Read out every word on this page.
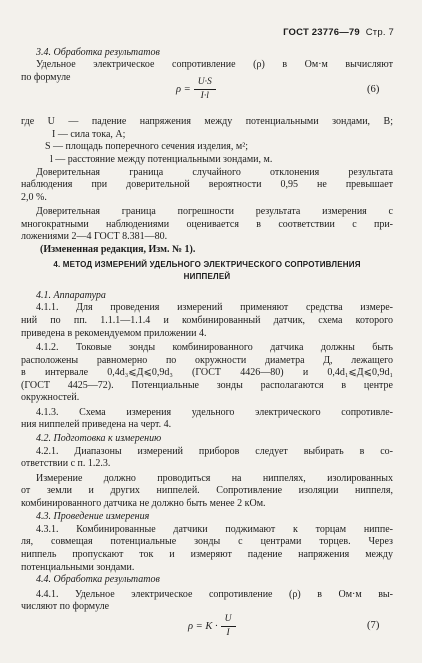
ГОСТ 23776—79 Стр. 7
3.4. Обработка результатов
Удельное электрическое сопротивление (ρ) в Ом·м вычисляют
по формуле
$\rho = \frac{U\cdot S}{I\cdot l}$	(6)
где U — падение напряжения между потенциальными зондами, В;
I — сила тока, А;
S — площадь поперечного сечения изделия, м²;
l — расстояние между потенциальными зондами, м.
Доверительная граница случайного отклонения результата
наблюдения при доверительной вероятности 0,95 не превышает
2,0 %.
Доверительная граница погрешности результата измерения с
многократными наблюдениями оценивается в соответствии с при-
ложениями 2—4 ГОСТ 8.381—80.
(Измененная редакция, Изм. № 1).
4. МЕТОД ИЗМЕРЕНИЙ УДЕЛЬНОГО ЭЛЕКТРИЧЕСКОГО СОПРОТИВЛЕНИЯ
НИППЕЛЕЙ
4.1. Аппаратура
4.1.1. Для проведения измерений применяют средства измере-
ний по пп. 1.1.1—1.1.4 и комбинированный датчик, схема которого
приведена в рекомендуемом приложении 4.
4.1.2. Токовые зонды комбинированного датчика должны быть
расположены равномерно по окружности диаметра Д, лежащего
в интервале 0,4d₃⩽Д⩽0,9d₃ (ГОСТ 4426—80) и 0,4d₁⩽Д⩽0,9d₁
(ГОСТ 4425—72). Потенциальные зонды располагаются в центре
окружностей.
4.1.3. Схема измерения удельного электрического сопротивле-
ния ниппелей приведена на черт. 4.
4.2. Подготовка к измерению
4.2.1. Диапазоны измерений приборов следует выбирать в со-
ответствии с п. 1.2.3.
Измерение должно проводиться на ниппелях, изолированных
от земли и других ниппелей. Сопротивление изоляции ниппеля,
комбинированного датчика не должно быть менее 2 кОм.
4.3. Проведение измерения
4.3.1. Комбинированные датчики поджимают к торцам ниппе-
ля, совмещая потенциальные зонды с центрами торцев. Через
ниппель пропускают ток и измеряют падение напряжения между
потенциальными зондами.
4.4. Обработка результатов
4.4.1. Удельное электрическое сопротивление (ρ) в Ом·м вы-
числяют по формуле
$\rho = K \cdot \frac{U}{I}$	(7)
